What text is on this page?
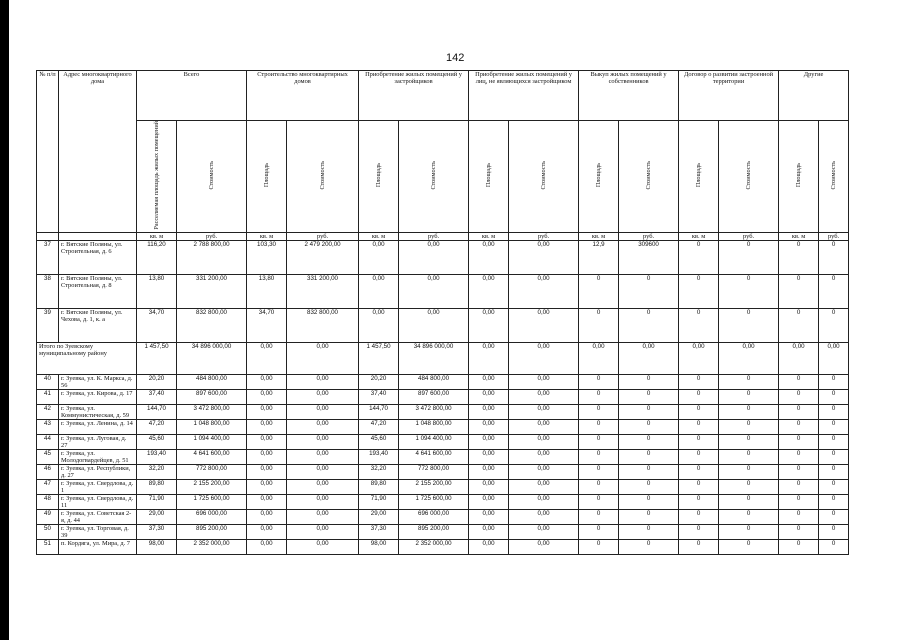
142
№ п/п	Адрес многоквартирного дома	Всего		Строительство многоквартирных домов		Приобретение жилых помещений у застройщиков		Приобретение жилых помещений у лиц, не являющихся застройщиком		Выкуп жилых помещений у собственников		Договор о развитии застроенной территории		Другие	
		Расселяемая площадь жилых помещений	Стоимость	Площадь	Стоимость	Площадь	Стоимость	Площадь	Стоимость	Площадь	Стоимость	Площадь	Стоимость	Площадь	Стоимость
		кв. м	руб.	кв. м	руб.	кв. м	руб.	кв. м	руб.	кв. м	руб.	кв. м	руб.	кв. м	руб.
37	г. Вятские Поляны, ул. Строительная, д. 6	116,20	2 788 800,00	103,30	2 479 200,00	0,00	0,00	0,00	0,00	12,9	309600	0	0	0	0
38	г. Вятские Поляны, ул. Строительная, д. 8	13,80	331 200,00	13,80	331 200,00	0,00	0,00	0,00	0,00	0	0	0	0	0	0
39	г. Вятские Поляны, ул. Чехова, д. 1, к. а	34,70	832 800,00	34,70	832 800,00	0,00	0,00	0,00	0,00	0	0	0	0	0	0
Итого по Зуевскому муниципальному району		1 457,50	34 896 000,00	0,00	0,00	1 457,50	34 896 000,00	0,00	0,00	0,00	0,00	0,00	0,00	0,00	0,00
40	г. Зуевка, ул. К. Маркса, д. 56	20,20	484 800,00	0,00	0,00	20,20	484 800,00	0,00	0,00	0	0	0	0	0	0
41	г. Зуевка, ул. Кирова, д. 17	37,40	897 600,00	0,00	0,00	37,40	897 600,00	0,00	0,00	0	0	0	0	0	0
42	г. Зуевка, ул. Коммунистическая, д. 59	144,70	3 472 800,00	0,00	0,00	144,70	3 472 800,00	0,00	0,00	0	0	0	0	0	0
43	г. Зуевка, ул. Ленина, д. 14	47,20	1 048 800,00	0,00	0,00	47,20	1 048 800,00	0,00	0,00	0	0	0	0	0	0
44	г. Зуевка, ул. Луговая, д. 27	45,60	1 094 400,00	0,00	0,00	45,60	1 094 400,00	0,00	0,00	0	0	0	0	0	0
45	г. Зуевка, ул. Молодогвардейцев, д. 51	193,40	4 641 600,00	0,00	0,00	193,40	4 641 600,00	0,00	0,00	0	0	0	0	0	0
46	г. Зуевка, ул. Республики, д. 27	32,20	772 800,00	0,00	0,00	32,20	772 800,00	0,00	0,00	0	0	0	0	0	0
47	г. Зуевка, ул. Свердлова, д. 1	89,80	2 155 200,00	0,00	0,00	89,80	2 155 200,00	0,00	0,00	0	0	0	0	0	0
48	г. Зуевка, ул. Свердлова, д. 11	71,90	1 725 600,00	0,00	0,00	71,90	1 725 600,00	0,00	0,00	0	0	0	0	0	0
49	г. Зуевка, ул. Советская 2-я, д. 44	29,00	696 000,00	0,00	0,00	29,00	696 000,00	0,00	0,00	0	0	0	0	0	0
50	г. Зуевка, ул. Торговая, д. 39	37,30	895 200,00	0,00	0,00	37,30	895 200,00	0,00	0,00	0	0	0	0	0	0
51	п. Кордяга, ул. Мира, д. 7	98,00	2 352 000,00	0,00	0,00	98,00	2 352 000,00	0,00	0,00	0	0	0	0	0	0
